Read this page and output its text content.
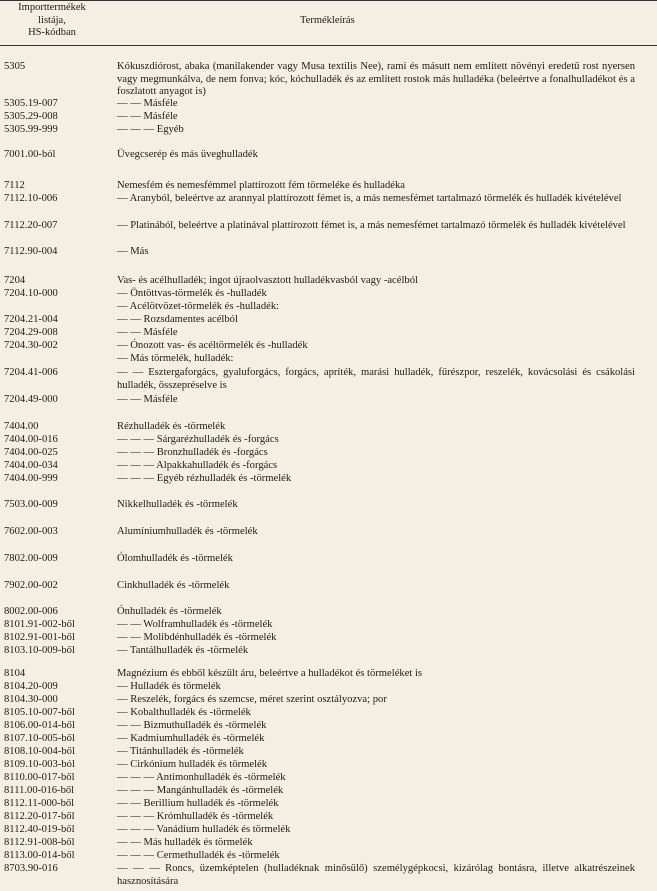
Importtermékek
listája,
HS-kódban
Termékleírás
5305	Kókuszdiórost, abaka (manilakender vagy Musa textilis Nee), rami és másutt nem említett növényi eredetű rost nyersen vagy megmunkálva, de nem fonva; kóc, kóchulladék és az említett rostok más hulladéka (beleértve a fonalhulladékot és a foszlatott anyagot is)
5305.19-007	— — Másféle
5305.29-008	— — Másféle
5305.99-999	— — — Egyéb
7001.00-ból	Üvegcserép és más üveghulladék
7112	Nemesfém és nemesfémmel plattírozott fém törmeléke és hulladéka
7112.10-006	— Aranyból, beleértve az arannyal plattírozott fémet is, a más nemesfémet tartalmazó törmelék és hulladék kivételével
7112.20-007	— Platinából, beleértve a platinával plattírozott fémet is, a más nemesfémet tartalmazó törmelék és hulladék kivételével
7112.90-004	— Más
7204	Vas- és acélhulladék; ingot újraolvasztott hulladékvasból vagy -acélból
7204.10-000	— Öntöttvas-törmelék és -hulladék
— Acélötvözet-törmelék és -hulladék:
7204.21-004	— — Rozsdamentes acélból
7204.29-008	— — Másféle
7204.30-002	— Ónozott vas- és acéltörmelék és -hulladék
— Más törmelék, hulladék:
7204.41-006	— — Esztergaforgács, gyaluforgács, forgács, apríték, marási hulladék, fűrészpor, reszelék, kovácsolási és csákolási hulladék, összepréselve is
7204.49-000	— — Másféle
7404.00	Rézhulladék és -törmelék
7404.00-016	— — — Sárgarézhulladék és -forgács
7404.00-025	— — — Bronzhulladék és -forgács
7404.00-034	— — — Alpakkahulladék és -forgács
7404.00-999	— — — Egyéb rézhulladék és -törmelék
7503.00-009	Nikkelhulladék és -törmelék
7602.00-003	Alumíniumhulladék és -törmelék
7802.00-009	Ólomhulladék és -törmelék
7902.00-002	Cinkhulladék és -törmelék
8002.00-006	Ónhulladék és -törmelék
8101.91-002-ből	— — Wolframhulladék és -törmelék
8102.91-001-ből	— — Molibdénhulladék és -törmelék
8103.10-009-ből	— Tantálhulladék és -törmelék
8104	Magnézium és ebből készült áru, beleértve a hulladékot és törmeléket is
8104.20-009	— Hulladék és törmelék
8104.30-000	— Reszelék, forgács és szemcse, méret szerint osztályozva; por
8105.10-007-ből	— Kobalthulladék és -törmelék
8106.00-014-ből	— — Bizmuthulladék és -törmelék
8107.10-005-ből	— Kadmiumhulladék és -törmelék
8108.10-004-ből	— Titánhulladék és -törmelék
8109.10-003-ból	— Cirkónium hulladék és törmelék
8110.00-017-ből	— — — Antimonhulladék és -törmelék
8111.00-016-ből	— — — Mangánhulladék és -törmelék
8112.11-000-ből	— — Berillium hulladék és -törmelék
8112.20-017-ből	— — — Krómhulladék és -törmelék
8112.40-019-ből	— — — Vanádium hulladék és törmelék
8112.91-008-ből	— — Más hulladék és törmelék
8113.00-014-ből	— — — Cermethulladék és -törmelék
8703.90-016	— — — Roncs, üzemképtelen (hulladéknak minősülő) személygépkocsi, kizárólag bontásra, illetve alkatrészeinek hasznosítására
